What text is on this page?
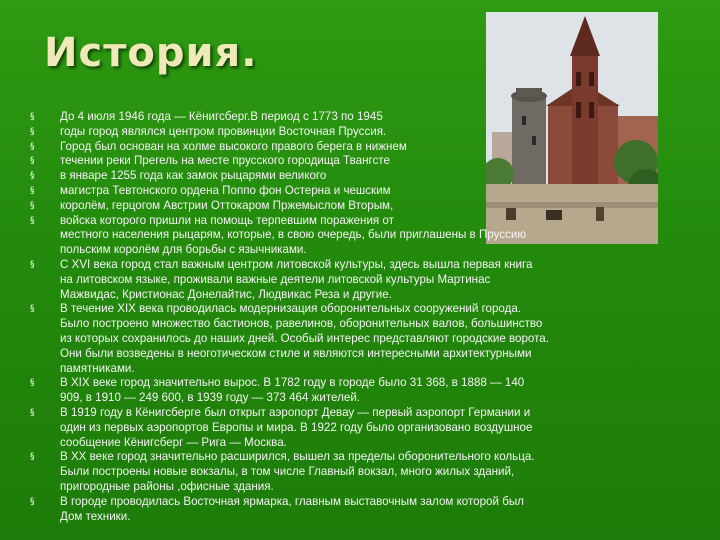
История.
§	До 4 июля 1946 года — Кёнигсберг.В период с 1773 по 1945
§	годы город являлся центром провинции Восточная Пруссия.
§	Город был основан на холме высокого правого берега в нижнем
§	течении реки Прегель на месте прусского городища Твангсте
§	в январе 1255 года как замок рыцарями великого
§	магистра Тевтонского ордена Поппо фон Остерна и чешским
§	королём, герцогом Австрии Оттокаром Пржемыслом Вторым,
§	войска которого пришли на помощь терпевшим поражения от
местного населения рыцарям, которые, в свою очередь, были приглашены в Пруссию
польским королём для борьбы с язычниками.
§	С XVI века город стал важным центром литовской культуры, здесь вышла первая книга
на литовском языке, проживали важные деятели литовской культуры Мартинас
Мажвидас, Кристионас Донелайтис, Людвикас Реза и другие.
§	В течение XIX века проводилась модернизация оборонительных сооружений города.
Было построено множество бастионов, равелинов, оборонительных валов, большинство
из которых сохранилось до наших дней. Особый интерес представляют городские ворота.
Они были возведены в неоготическом стиле и являются интересными архитектурными
памятниками.
§	В XIX веке город значительно вырос. В 1782 году в городе было 31 368, в 1888 — 140
909, в 1910 — 249 600, в 1939 году — 373 464 жителей.
§	В 1919 году в Кёнигсберге был открыт аэропорт Девау — первый аэропорт Германии и
один из первых аэропортов Европы и мира. В 1922 году было организовано воздушное
сообщение Кёнигсберг — Рига — Москва.
§	В XX веке город значительно расширился, вышел за пределы оборонительного кольца.
Были построены новые вокзалы, в том числе Главный вокзал, много жилых зданий,
пригородные районы ,офисные здания.
§	В городе проводилась Восточная ярмарка, главным выставочным залом которой был
Дом техники.
